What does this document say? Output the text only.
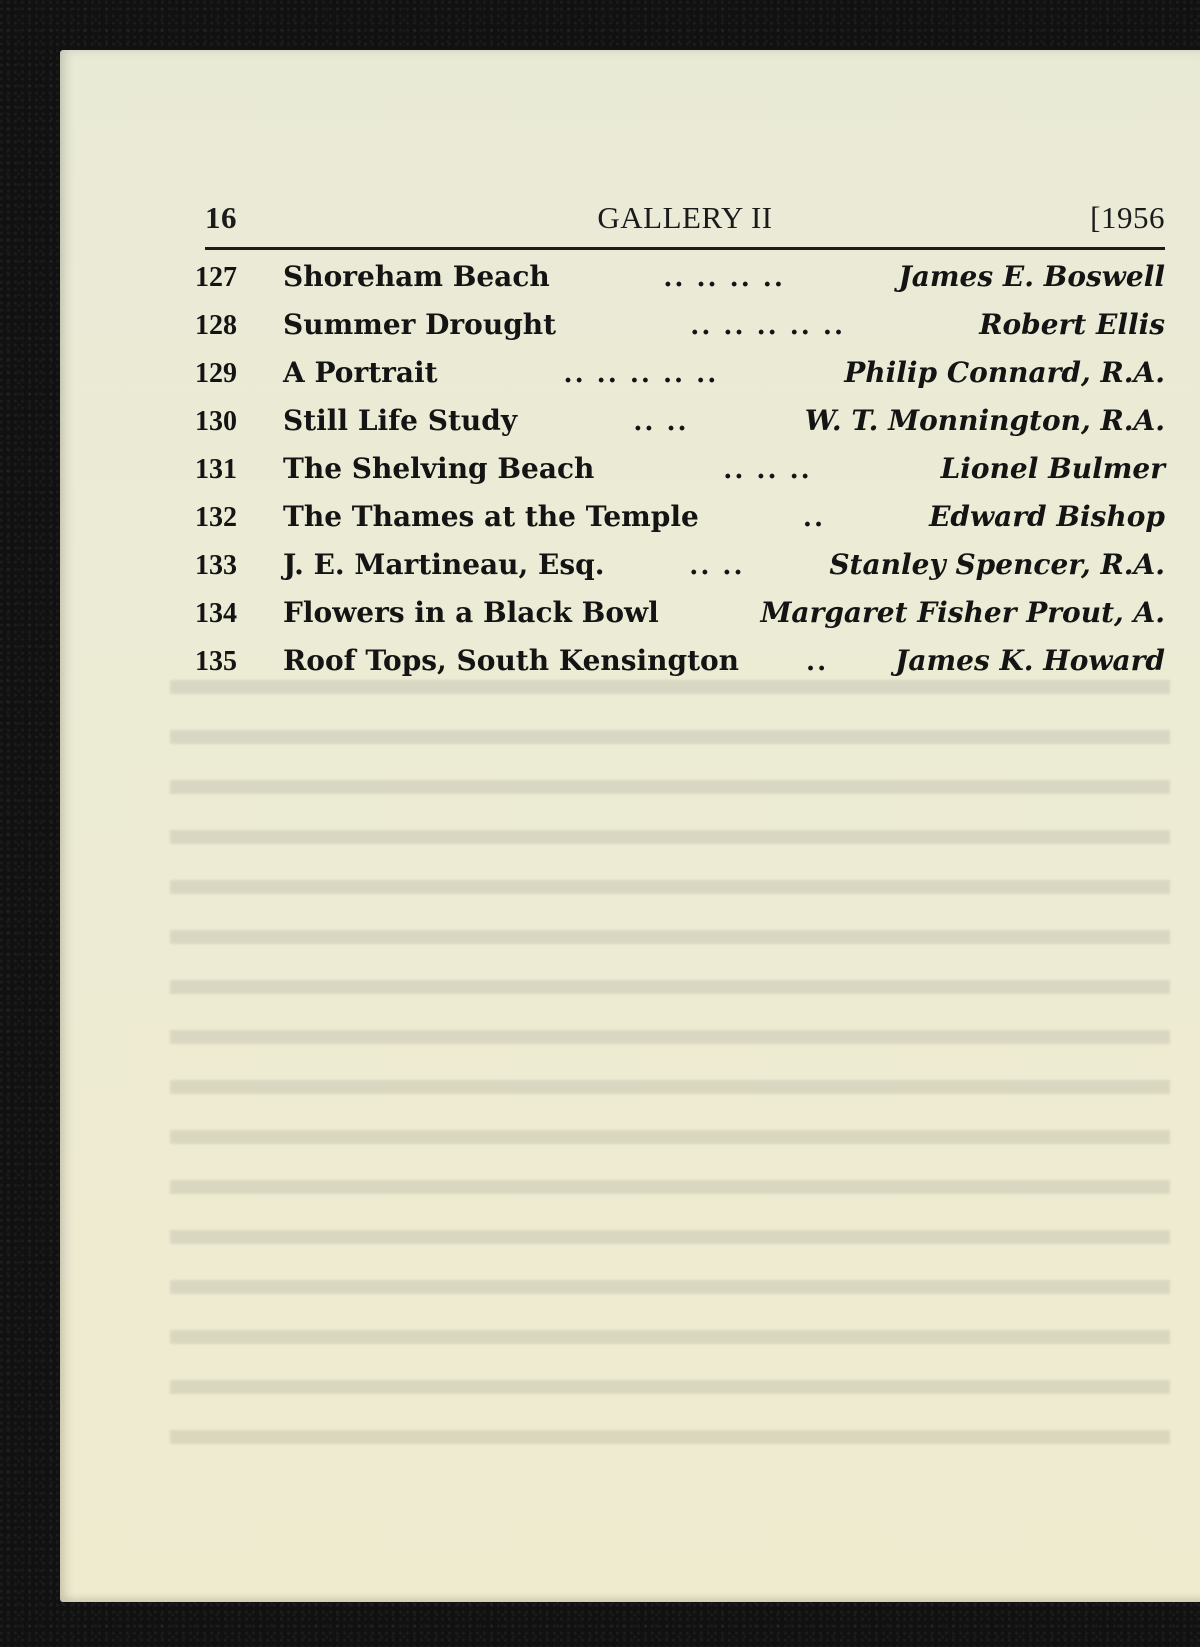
16	GALLERY II	[1956
127	Shoreham Beach	.. .. .. ..	James E. Boswell
128	Summer Drought	.. .. .. .. ..	Robert Ellis
129	A Portrait	.. .. .. .. ..	Philip Connard, R.A.
130	Still Life Study	.. ..	W. T. Monnington, R.A.
131	The Shelving Beach	.. .. ..	Lionel Bulmer
132	The Thames at the Temple	..	Edward Bishop
133	J. E. Martineau, Esq.	.. ..	Stanley Spencer, R.A.
134	Flowers in a Black Bowl	Margaret Fisher Prout, A.
135	Roof Tops, South Kensington	..	James K. Howard
